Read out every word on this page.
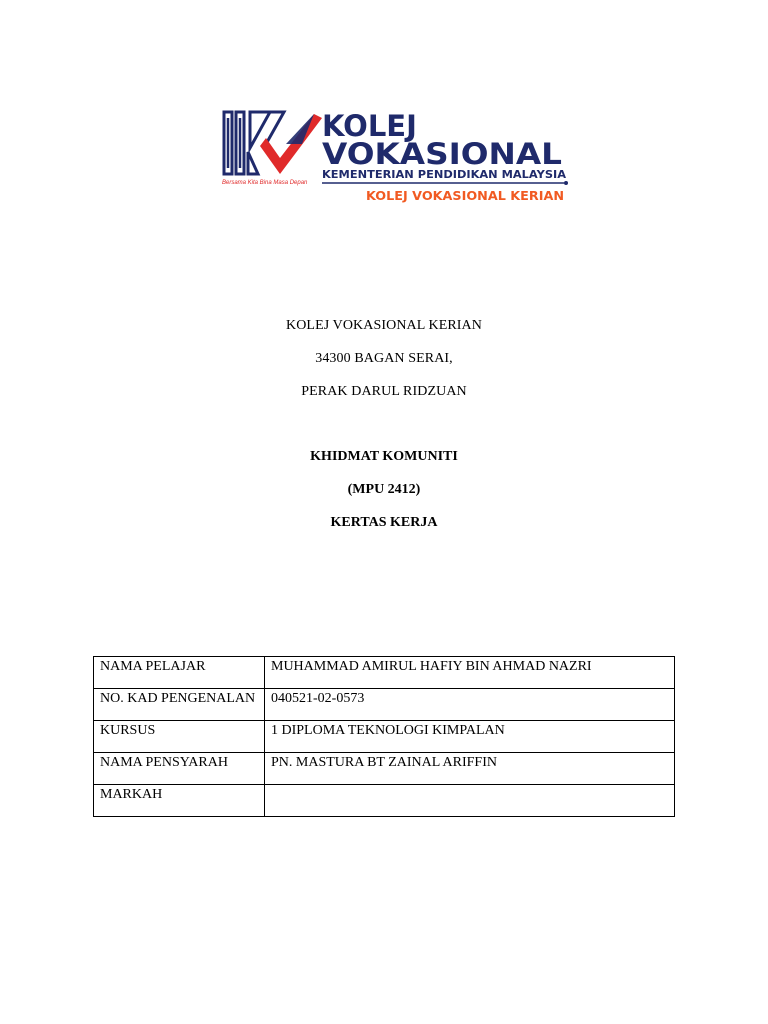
Bersama Kita Bina Masa Depan
KOLEJ
VOKASIONAL
KEMENTERIAN PENDIDIKAN MALAYSIA
KOLEJ VOKASIONAL KERIAN
KOLEJ VOKASIONAL KERIAN
34300 BAGAN SERAI,
PERAK DARUL RIDZUAN
KHIDMAT KOMUNITI
(MPU 2412)
KERTAS KERJA
NAMA PELAJAR	MUHAMMAD AMIRUL HAFIY BIN AHMAD NAZRI
NO. KAD PENGENALAN	040521-02-0573
KURSUS	1 DIPLOMA TEKNOLOGI KIMPALAN
NAMA PENSYARAH	PN. MASTURA BT ZAINAL ARIFFIN
MARKAH	
